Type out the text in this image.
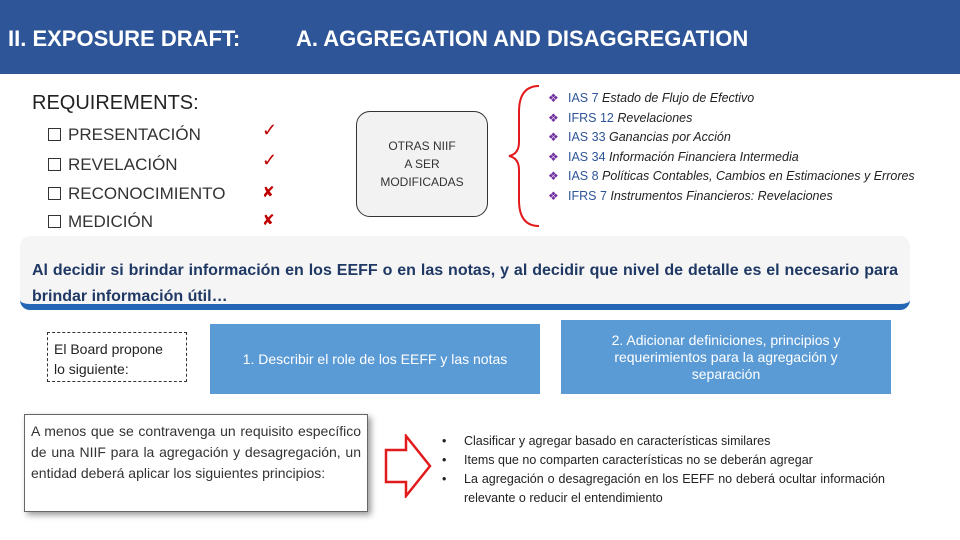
II. EXPOSURE DRAFT:	A. AGGREGATION AND DISAGGREGATION
REQUIREMENTS:
PRESENTACIÓN	✓
REVELACIÓN	✓
RECONOCIMIENTO ✘
MEDICIÓN	✘
OTRAS NIIF
A SER
MODIFICADAS
❖ IAS 7 Estado de Flujo de Efectivo
❖ IFRS 12 Revelaciones
❖ IAS 33 Ganancias por Acción
❖ IAS 34 Información Financiera Intermedia
❖ IAS 8 Políticas Contables, Cambios en Estimaciones y Errores
❖ IFRS 7 Instrumentos Financieros: Revelaciones
Al decidir si brindar información en los EEFF o en las notas, y al decidir que nivel de detalle es el necesario para brindar información útil…
El Board propone
lo siguiente:
1. Describir el role de los EEFF y las notas
2. Adicionar definiciones, principios y requerimientos para la agregación y separación
A menos que se contravenga un requisito específico de una NIIF para la agregación y desagregación, un entidad deberá aplicar los siguientes principios:
• Clasificar y agregar basado en características similares
• Items que no comparten características no se deberán agregar
• La agregación o desagregación en los EEFF no deberá ocultar información relevante o reducir el entendimiento
